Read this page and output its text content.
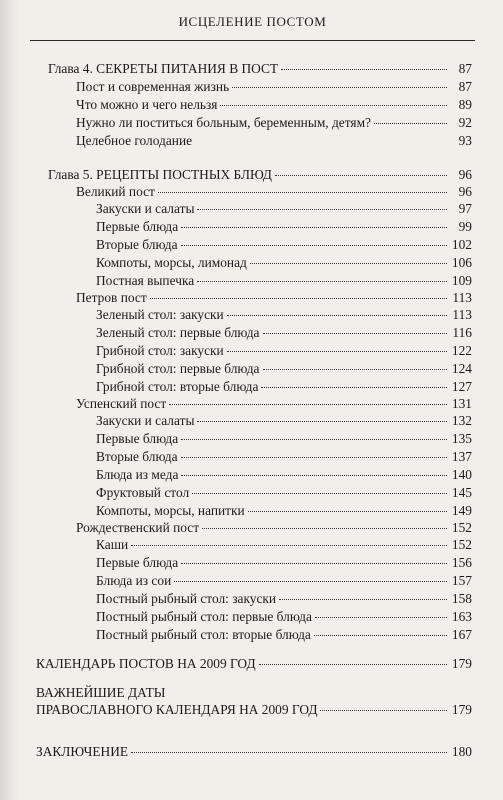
ИСЦЕЛЕНИЕ ПОСТОМ
Глава 4. СЕКРЕТЫ ПИТАНИЯ В ПОСТ	87
Пост и современная жизнь	87
Что можно и чего нельзя	89
Нужно ли поститься больным, беременным, детям?	92
Целебное голодание	93
Глава 5. РЕЦЕПТЫ ПОСТНЫХ БЛЮД	96
Великий пост	96
Закуски и салаты	97
Первые блюда	99
Вторые блюда	102
Компоты, морсы, лимонад	106
Постная выпечка	109
Петров пост	113
Зеленый стол: закуски	113
Зеленый стол: первые блюда	116
Грибной стол: закуски	122
Грибной стол: первые блюда	124
Грибной стол: вторые блюда	127
Успенский пост	131
Закуски и салаты	132
Первые блюда	135
Вторые блюда	137
Блюда из меда	140
Фруктовый стол	145
Компоты, морсы, напитки	149
Рождественский пост	152
Каши	152
Первые блюда	156
Блюда из сои	157
Постный рыбный стол: закуски	158
Постный рыбный стол: первые блюда	163
Постный рыбный стол: вторые блюда	167
КАЛЕНДАРЬ ПОСТОВ НА 2009 ГОД	179
ВАЖНЕЙШИЕ ДАТЫ
ПРАВОСЛАВНОГО КАЛЕНДАРЯ НА 2009 ГОД	179
ЗАКЛЮЧЕНИЕ	180
